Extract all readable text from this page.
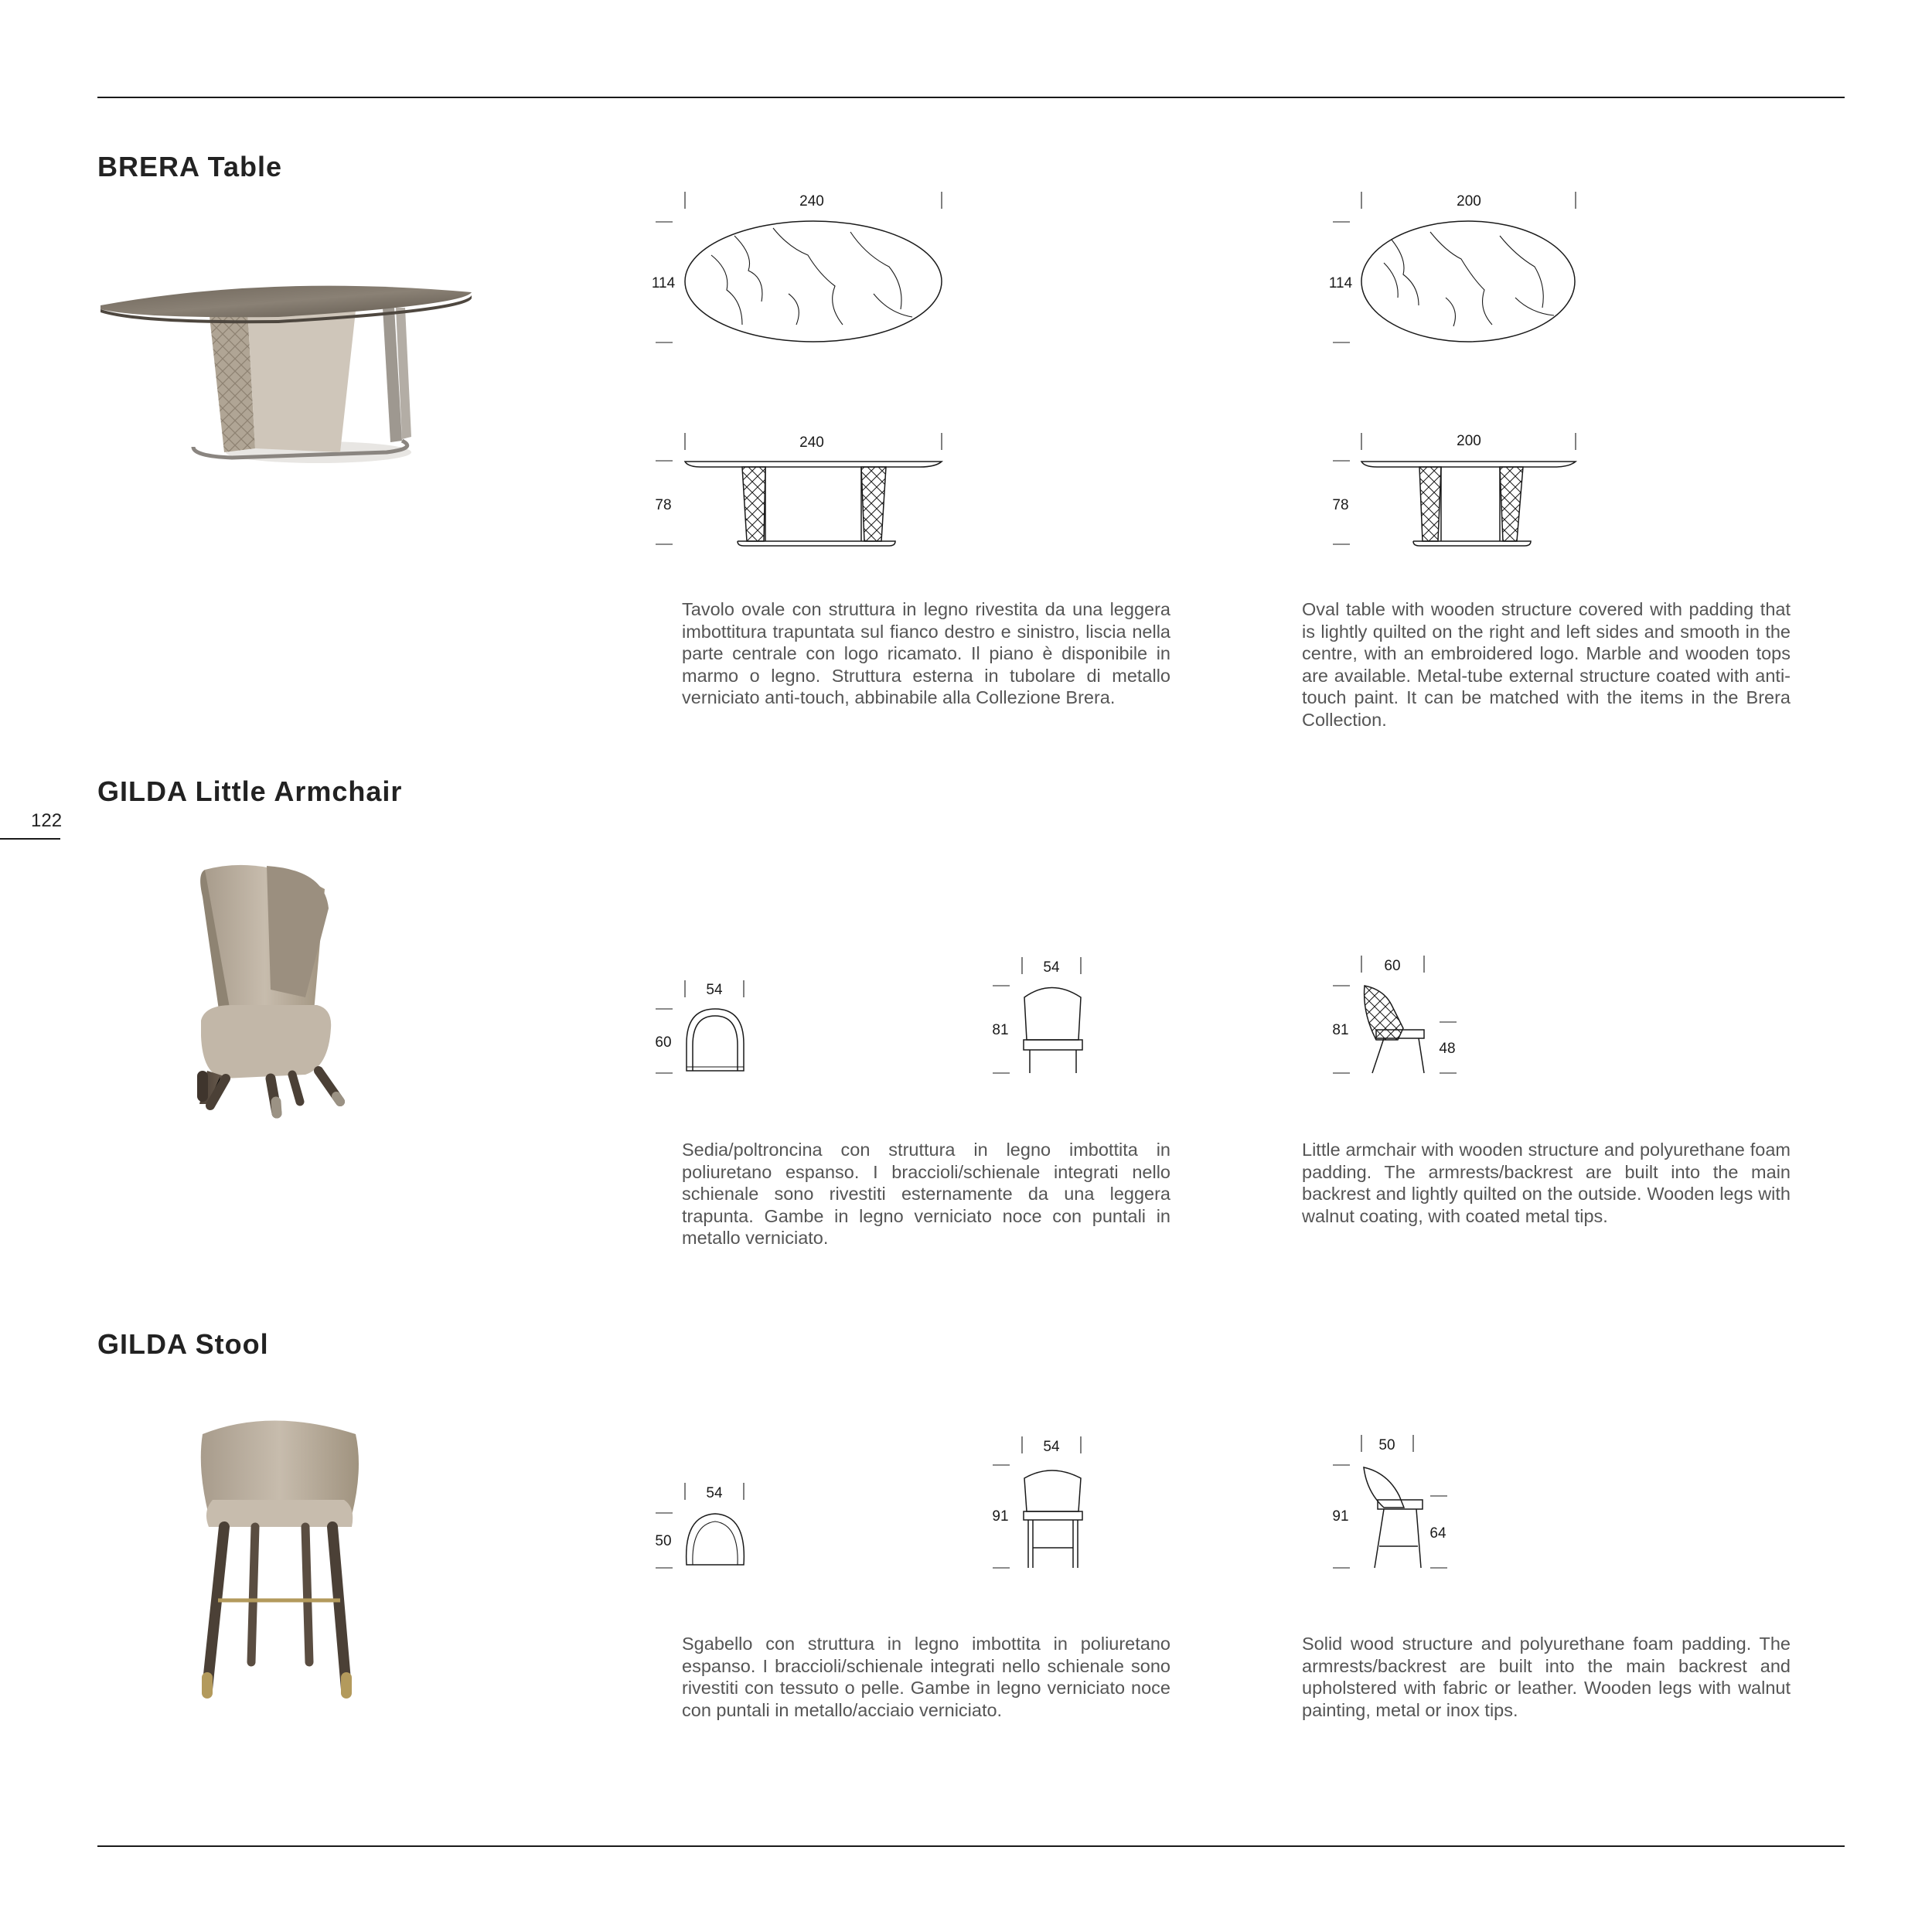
122
BRERA Table
GILDA Little Armchair
GILDA Stool
Tavolo ovale con struttura in legno rivestita da una leggera imbottitura trapuntata sul fianco destro e sinistro, liscia nella parte centrale con logo ricamato. Il piano è disponibile in marmo o legno. Struttura esterna in tubolare di metallo verniciato anti-touch, abbinabile alla Collezione Brera.
Oval table with wooden structure covered with padding that is lightly quilted on the right and left sides and smooth in the centre, with an embroidered logo. Marble and wooden tops are available. Metal-tube external structure coated with anti-touch paint. It can be matched with the items in the Brera Collection.
Sedia/poltroncina con struttura in legno imbottita in poliuretano espanso. I braccioli/schienale integrati nello schienale sono rivestiti esternamente da una leggera trapunta. Gambe in legno verniciato noce con puntali in metallo verniciato.
Little armchair with wooden structure and polyurethane foam padding. The armrests/backrest are built into the main backrest and lightly quilted on the outside. Wooden legs with walnut coating, with coated metal tips.
Sgabello con struttura in legno imbottita in poliuretano espanso. I braccioli/schienale integrati nello schienale sono rivestiti con tessuto o pelle. Gambe in legno verniciato noce con puntali in metallo/acciaio verniciato.
Solid wood structure and polyurethane foam padding. The armrests/backrest are built into the main backrest and upholstered with fabric or leather. Wooden legs with walnut painting, metal or inox tips.
240
114
240
78
200
114
200
78
54
60
54
81
60
81
48
54
50
54
91
50
91
64
